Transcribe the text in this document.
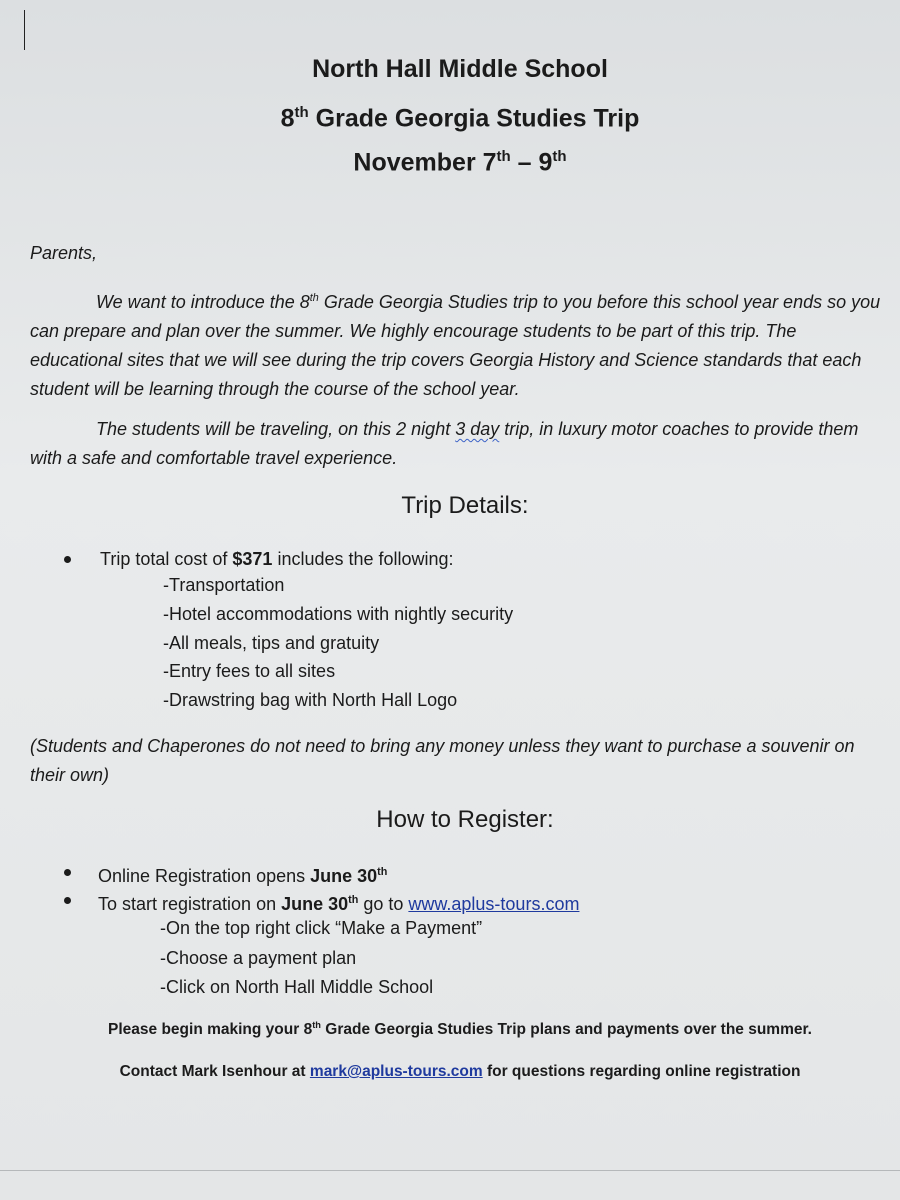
North Hall Middle School
8th Grade Georgia Studies Trip
November 7th – 9th
Parents,
We want to introduce the 8th Grade Georgia Studies trip to you before this school year ends so you can prepare and plan over the summer. We highly encourage students to be part of this trip. The educational sites that we will see during the trip covers Georgia History and Science standards that each student will be learning through the course of the school year.
The students will be traveling, on this 2 night 3 day trip, in luxury motor coaches to provide them with a safe and comfortable travel experience.
Trip Details:
Trip total cost of $371 includes the following:
-Transportation
-Hotel accommodations with nightly security
-All meals, tips and gratuity
-Entry fees to all sites
-Drawstring bag with North Hall Logo
(Students and Chaperones do not need to bring any money unless they want to purchase a souvenir on their own)
How to Register:
Online Registration opens June 30th
To start registration on June 30th go to www.aplus-tours.com
-On the top right click “Make a Payment”
-Choose a payment plan
-Click on North Hall Middle School
Please begin making your 8th Grade Georgia Studies Trip plans and payments over the summer.
Contact Mark Isenhour at mark@aplus-tours.com for questions regarding online registration
